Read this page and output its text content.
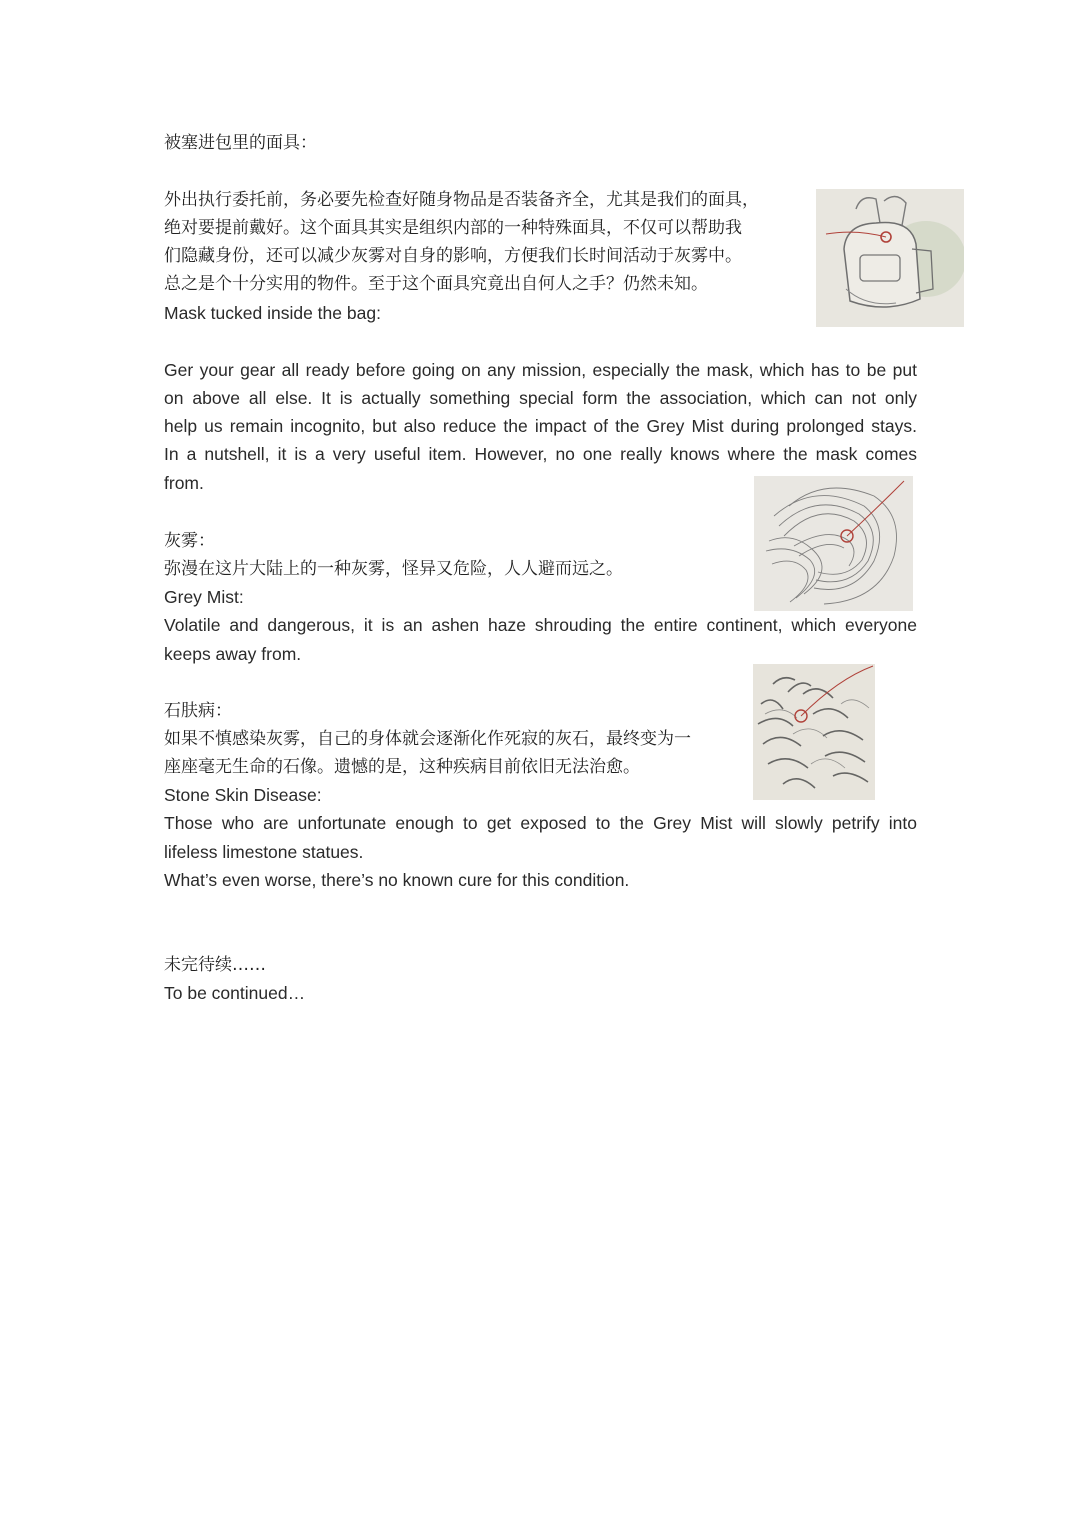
被塞进包里的面具：
外出执行委托前，务必要先检查好随身物品是否装备齐全，尤其是我们的面具，
绝对要提前戴好。这个面具其实是组织内部的一种特殊面具，不仅可以帮助我
们隐藏身份，还可以减少灰雾对自身的影响，方便我们长时间活动于灰雾中。
总之是个十分实用的物件。至于这个面具究竟出自何人之手？仍然未知。
Mask tucked inside the bag:
Ger your gear all ready before going on any mission, especially the mask, which has to be put
on above all else. It is actually something special form the association, which can not only
help us remain incognito, but also reduce the impact of the Grey Mist during prolonged stays.
In a nutshell, it is a very useful item. However, no one really knows where the mask comes
from.
灰雾：
弥漫在这片大陆上的一种灰雾，怪异又危险，人人避而远之。
Grey Mist:
Volatile and dangerous, it is an ashen haze shrouding the entire continent, which everyone
keeps away from.
石肤病：
如果不慎感染灰雾，自己的身体就会逐渐化作死寂的灰石，最终变为一
座座毫无生命的石像。遗憾的是，这种疾病目前依旧无法治愈。
Stone Skin Disease:
Those who are unfortunate enough to get exposed to the Grey Mist will slowly petrify into
lifeless limestone statues.
What’s even worse, there’s no known cure for this condition.
未完待续……
To be continued…
